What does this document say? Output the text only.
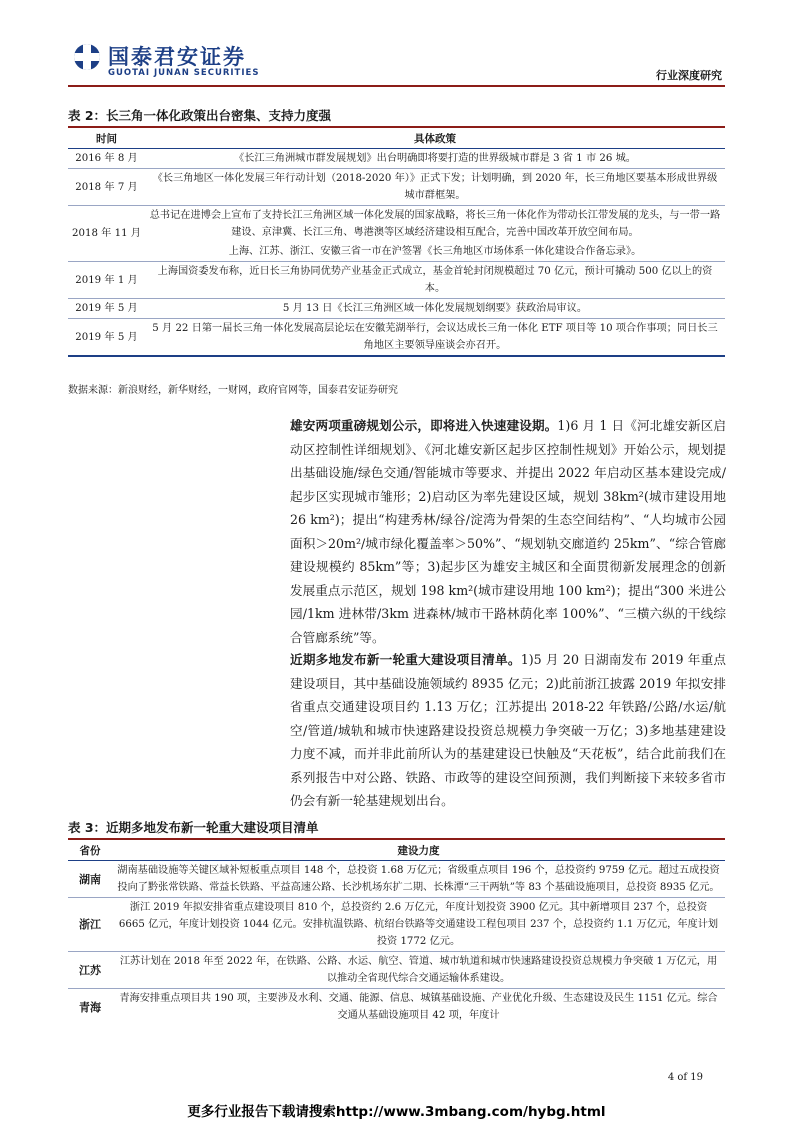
国泰君安证券
GUOTAI JUNAN SECURITIES	行业深度研究
表 2：长三角一体化政策出台密集、支持力度强
时间	具体政策
2016 年 8 月	《长江三角洲城市群发展规划》出台明确即将要打造的世界级城市群是 3 省 1 市 26 城。
2018 年 7 月	《长三角地区一体化发展三年行动计划（2018-2020 年）》正式下发；计划明确，到 2020 年，长三角地区要基本形成世界级城市群框架。
2018 年 11 月	总书记在进博会上宣布了支持长江三角洲区域一体化发展的国家战略，将长三角一体化作为带动长江带发展的龙头，与一带一路建设、京津冀、长江三角、粤港澳等区域经济建设相互配合，完善中国改革开放空间布局。
	上海、江苏、浙江、安徽三省一市在沪签署《长三角地区市场体系一体化建设合作备忘录》。
2019 年 1 月	上海国资委发布称，近日长三角协同优势产业基金正式成立，基金首轮封闭规模超过 70 亿元，预计可撬动 500 亿以上的资本。
2019 年 5 月	5 月 13 日《长江三角洲区域一体化发展规划纲要》获政治局审议。
2019 年 5 月	5 月 22 日第一届长三角一体化发展高层论坛在安徽芜湖举行，会议达成长三角一体化 ETF 项目等 10 项合作事项；同日长三角地区主要领导座谈会亦召开。
数据来源：新浪财经，新华财经，一财网，政府官网等，国泰君安证券研究
雄安两项重磅规划公示，即将进入快速建设期。1)6 月 1 日《河北雄安新区启动区控制性详细规划》、《河北雄安新区起步区控制性规划》开始公示，规划提出基础设施/绿色交通/智能城市等要求、并提出 2022 年启动区基本建设完成/起步区实现城市雏形；2)启动区为率先建设区域，规划 38km²(城市建设用地 26 km²)；提出“构建秀林/绿谷/淀湾为骨架的生态空间结构”、“人均城市公园面积＞20m²/城市绿化覆盖率＞50%”、“规划轨交廊道约 25km”、“综合管廊建设规模约 85km”等；3)起步区为雄安主城区和全面贯彻新发展理念的创新发展重点示范区，规划 198 km²(城市建设用地 100 km²)；提出“300 米进公园/1km 进林带/3km 进森林/城市干路林荫化率 100%”、“三横六纵的干线综合管廊系统”等。
近期多地发布新一轮重大建设项目清单。1)5 月 20 日湖南发布 2019 年重点建设项目，其中基础设施领域约 8935 亿元；2)此前浙江披露 2019 年拟安排省重点交通建设项目约 1.13 万亿；江苏提出 2018-22 年铁路/公路/水运/航空/管道/城轨和城市快速路建设投资总规模力争突破一万亿；3)多地基建建设力度不减，而并非此前所认为的基建建设已快触及“天花板”，结合此前我们在系列报告中对公路、铁路、市政等的建设空间预测，我们判断接下来较多省市仍会有新一轮基建规划出台。
表 3：近期多地发布新一轮重大建设项目清单
省份	建设力度
湖南	湖南基础设施等关键区域补短板重点项目 148 个，总投资 1.68 万亿元；省级重点项目 196 个，总投资约 9759 亿元。超过五成投资投向了黔张常铁路、常益长铁路、平益高速公路、长沙机场东扩二期、长株潭“三干两轨”等 83 个基础设施项目，总投资 8935 亿元。
浙江	浙江 2019 年拟安排省重点建设项目 810 个，总投资约 2.6 万亿元，年度计划投资 3900 亿元。其中新增项目 237 个，总投资 6665 亿元，年度计划投资 1044 亿元。安排杭温铁路、杭绍台铁路等交通建设工程包项目 237 个，总投资约 1.1 万亿元，年度计划投资 1772 亿元。
江苏	江苏计划在 2018 年至 2022 年，在铁路、公路、水运、航空、管道、城市轨道和城市快速路建设投资总规模力争突破 1 万亿元，用以推动全省现代综合交通运输体系建设。
青海	青海安排重点项目共 190 项，主要涉及水利、交通、能源、信息、城镇基础设施、产业优化升级、生态建设及民生 1151 亿元。综合交通从基础设施项目 42 项，年度计
4 of 19
更多行业报告下载请搜索http://www.3mbang.com/hybg.html
